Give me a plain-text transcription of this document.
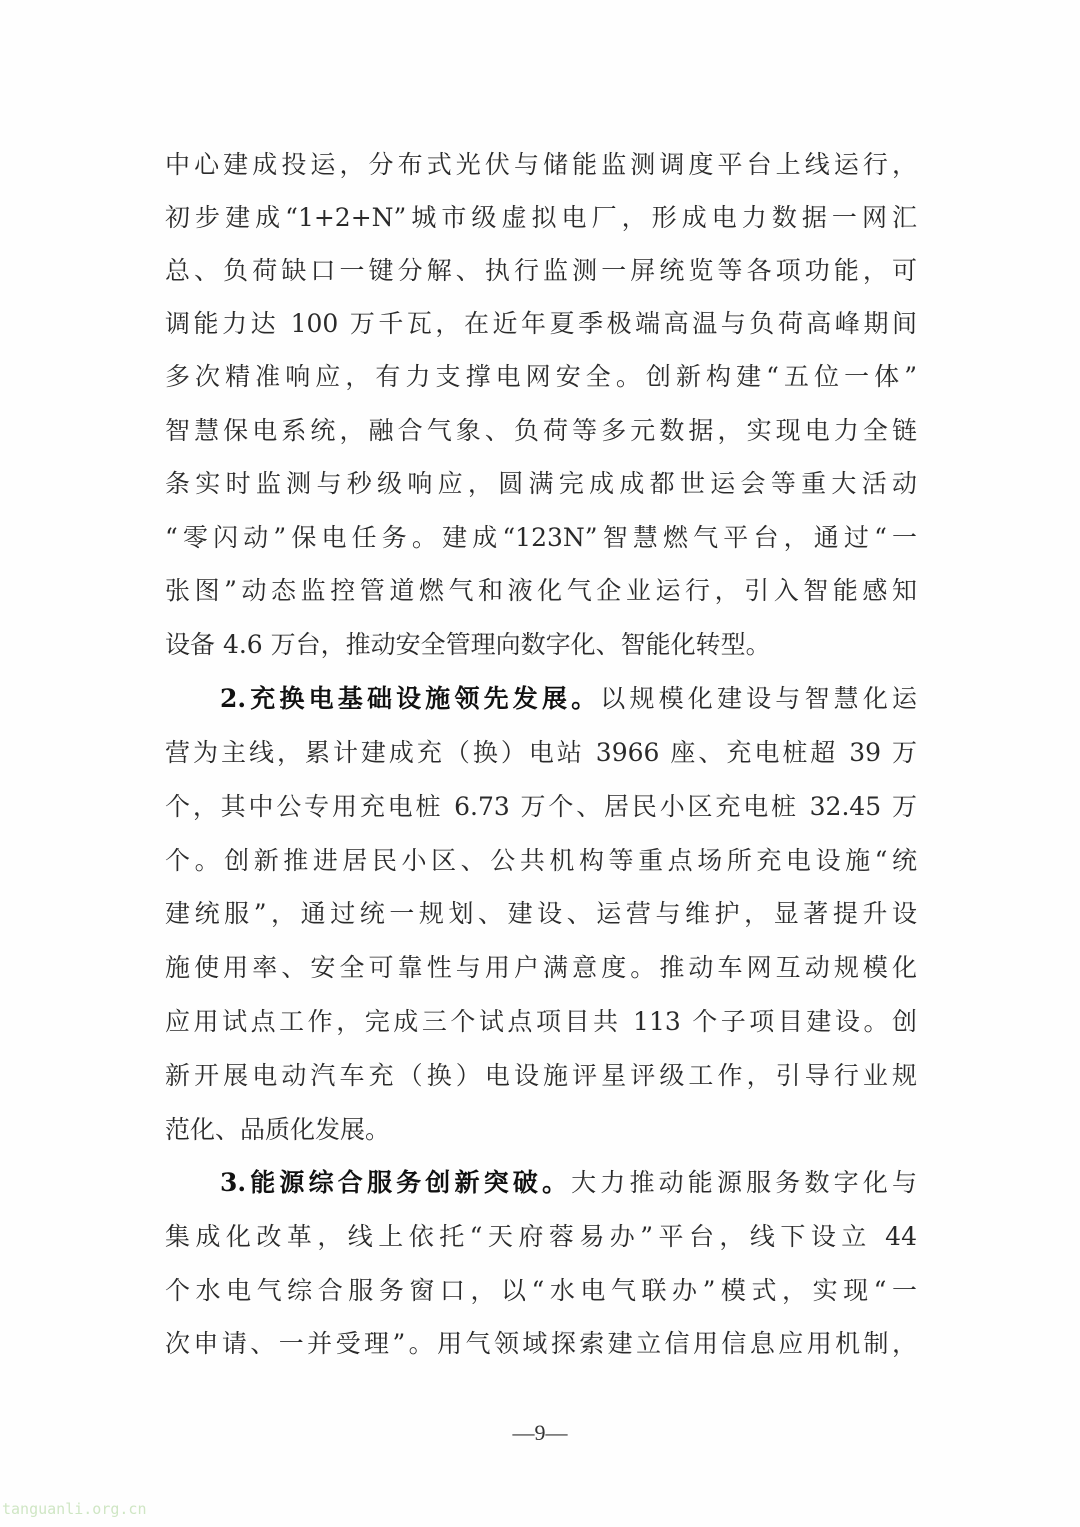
中心建成投运，分布式光伏与储能监测调度平台上线运行，
初步建成“1+2+N”城市级虚拟电厂，形成电力数据一网汇
总、负荷缺口一键分解、执行监测一屏统览等各项功能，可
调能力达 100 万千瓦，在近年夏季极端高温与负荷高峰期间
多次精准响应，有力支撑电网安全。创新构建“五位一体”
智慧保电系统，融合气象、负荷等多元数据，实现电力全链
条实时监测与秒级响应，圆满完成成都世运会等重大活动
“零闪动”保电任务。建成“123N”智慧燃气平台，通过“一
张图”动态监控管道燃气和液化气企业运行，引入智能感知
设备 4.6 万台，推动安全管理向数字化、智能化转型。
2.充换电基础设施领先发展。以规模化建设与智慧化运
营为主线，累计建成充（换）电站 3966 座、充电桩超 39 万
个，其中公专用充电桩 6.73 万个、居民小区充电桩 32.45 万
个。创新推进居民小区、公共机构等重点场所充电设施“统
建统服”，通过统一规划、建设、运营与维护，显著提升设
施使用率、安全可靠性与用户满意度。推动车网互动规模化
应用试点工作，完成三个试点项目共 113 个子项目建设。创
新开展电动汽车充（换）电设施评星评级工作，引导行业规
范化、品质化发展。
3.能源综合服务创新突破。大力推动能源服务数字化与
集成化改革，线上依托“天府蓉易办”平台，线下设立 44
个水电气综合服务窗口，以“水电气联办”模式，实现“一
次申请、一并受理”。用气领域探索建立信用信息应用机制，
—9—
tanguanli.org.cn
